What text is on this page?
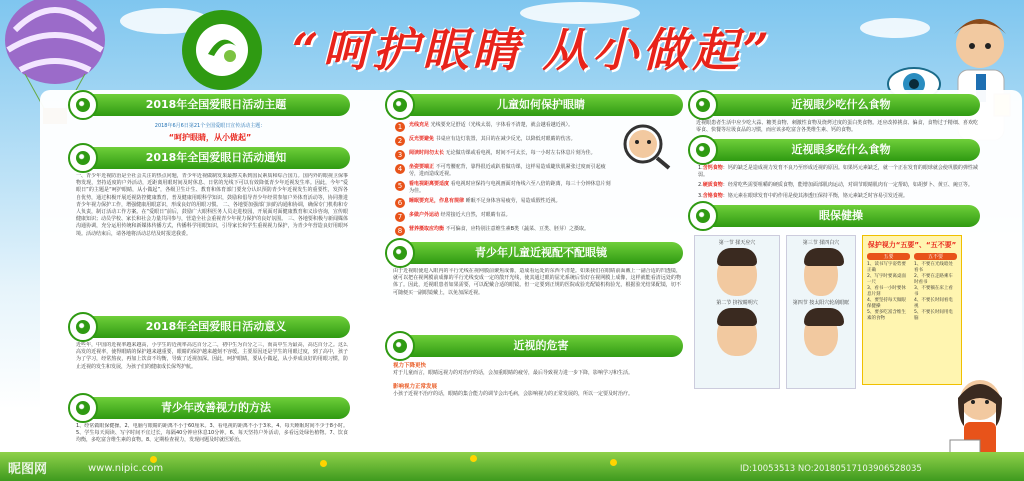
“呵护眼睛 从小做起”
2018年全国爱眼日活动主题
2018年6月6日第21个全国爱眼日宣传活动主题：
“呵护眼睛，从小做起”
2018年全国爱眼日活动通知
一、青少年近视防治是全社会关注的热点问题，青少年近视做制发果最擦关系到国民素质和综合国力。国内外的眼视卫保事物发现，坚持适度的户外活动，近距离用眼时间及时休息、日常的光线下可以有效降低青少年近视发生率。因此，今年“爱眼日”的主题是“呵护眼睛，从小做起”，各级卫生计生、教育和体育部门要充分认识预防青少年近视发生的重要性，发挥各自优势，通过积极开展近视防控健康教育，普及健康用眼科学知识，鼓励和倡导青少年经常参加户外体育活动等，协同推进青少年视力保护工作，增强健康用眼意识，形成良好的用眼习惯。 二、各地要加强部门间的沟通和协调，确保专门机构和专人负责，制订活动工作方案。在“爱眼日”前后，鼓励广大眼科医务人员走进校园，开展面对面健康教育和义诊咨询，宣传眼健康知识；动员学校、家长和社会力量共同参与，营造全社会重视青少年视力保护的良好氛围。 三、各地要积极与新闻媒体沟通协调，充分运用传统和新媒体传播方式，传播科学用眼知识，引导家长和学生重视视力保护，为青少年营造良好用眼环境。活动结束后，请各地将活动总结及时报送我委。
2018年全国爱眼日活动意义
近些年，中国的近视率越来越高，小学生的近视率高达百分之二，初中生为百分之三，而高中生为最高，高达百分之。这么高发的近视率，使得眼睛的保护越来越重要，眼睛的保护越来越刻不容缓。主要原因还是学生的用眼过度，到了高中，孩子为了学习，经常熬夜，再加上饮食不均衡，导致了近视加深。因此，呵护眼睛，要从小做起，从小养成良好的用眼习惯，防止近视的发生和发展，为孩子们的健康成长保驾护航。
青少年改善视力的方法
1、经常做眼保健操。2、电脑与眼睛的距离不小于60厘米。3、看电视的距离不小于3米。4、每天睡眠时间不少于8小时。5、学生每天阅读、写字时间不宜过长，每隔40分钟应休息10分钟。6、每天坚持户外活动，多看远处绿色植物。7、饮食均衡，多吃富含维生素的食物。8、定期检查视力，发现问题及时就医矫治。
儿童如何保护眼睛
1	光线充足 光线要充足舒适（光线太弱，字体看不清楚，就会越看越近视）。
2	反光要避免 书桌应有边灯装置，其目的在减少反光，以降低对眼睛的伤害。
3	阅读时间勿太长 无论做功课或看电视，时间不可太长，每一小时左右休息片刻为佳。
4	坐姿要端正 不可弯腰驼背，靠得很近或趴着做功课，这样易造成睫状肌紧张过度而引起疲劳，进而造成近视。
5	看电视距离要适度 看电视时应保持与电视画面对角线六至八倍的距离，每三十分钟休息片刻为佳。
6	睡眠要充足，作息有规律 睡眠不足身体容易疲劳，易造成假性近视。
7	多做户外运动 经常接近大自然，对眼睛有益。
8	营养摄取应均衡 不可偏食，应特别注意维生素B类（蔬菜、豆类、胚芽）之摄取。
青少年儿童近视配不配眼镜
由于近视眼使进入眼内的平行光线在视网膜前聚焦成像，造成看远处的东西不清楚。如果我们在眼睛前面戴上一副合适的凹透镜，就可以把在视网膜前成像的平行光线变成一定的散开光线，使其通过眼的屈光系统后恰好在视网膜上成像，这样就能看清远处的物体了。因此，近视眼患者如果需要，可以配戴合适的眼镜。但一定要到正规的医院或验光配镜机构验光，根据验光结果配镜，切不可随便买一副眼镜戴上，以免加深近视。
近视的危害
视力下降更快
对于儿童而言，眼睛远视力的对治疗的话，会加重眼睛的疲劳，最后导致视力进一步下降，影响学习和生活。
影响视力正常发展
小孩子近视不治疗的话，眼睛的集合能力的调节会出毛病，会影响视力的正常发展的，所以一定要及时治疗。
近视眼少吃什么食物
近视眼患者生活中应少吃大蒜、糖类食物、刺激性食物及烧烤过度的蛋白类食物。还应改掉挑食、偏食，食物过于精细、喜欢吃零食、快餐等垃圾食品的习惯，而应该多吃富含各类维生素、钙的食物。
近视眼多吃什么食物
1.含钙食物：钙的缺乏是造成视力发育不良乃至形成近视的原因。如果钙元素缺乏，就一个正在发育的眼球就会使巩膜的弹性减弱。
2.硬质食物：经常吃些需要咀嚼的硬质食物，能增加面部肌肉运动，对调节眼睛肌肉有一定帮助，如胡萝卜、黄豆、豌豆等。
3.含铬食物：铬元素在眼球发育中的作用是使其渗透压保持平衡，铬元素缺乏时容易引发近视。
眼保健操
第一节 揉天应穴
第二节 挤按睛明穴
第三节 揉四白穴
第四节 按太阳穴轮刮眼眶
保护视力“五要”、“五不要”
五要
1、读书写字姿势要正确
2、写字时要离桌面一尺
3、看书一小时要休息片刻
4、要坚持每天做眼保健操
5、要多吃富含维生素的食物
五不要
1、不要在光线暗处看书
2、不要在走路乘车时看书
3、不要躺在床上看书
4、不要长时间看电视
5、不要长时间用电脑
昵图网	www.nipic.com	ID:10053513 NO:20180517103906528035
